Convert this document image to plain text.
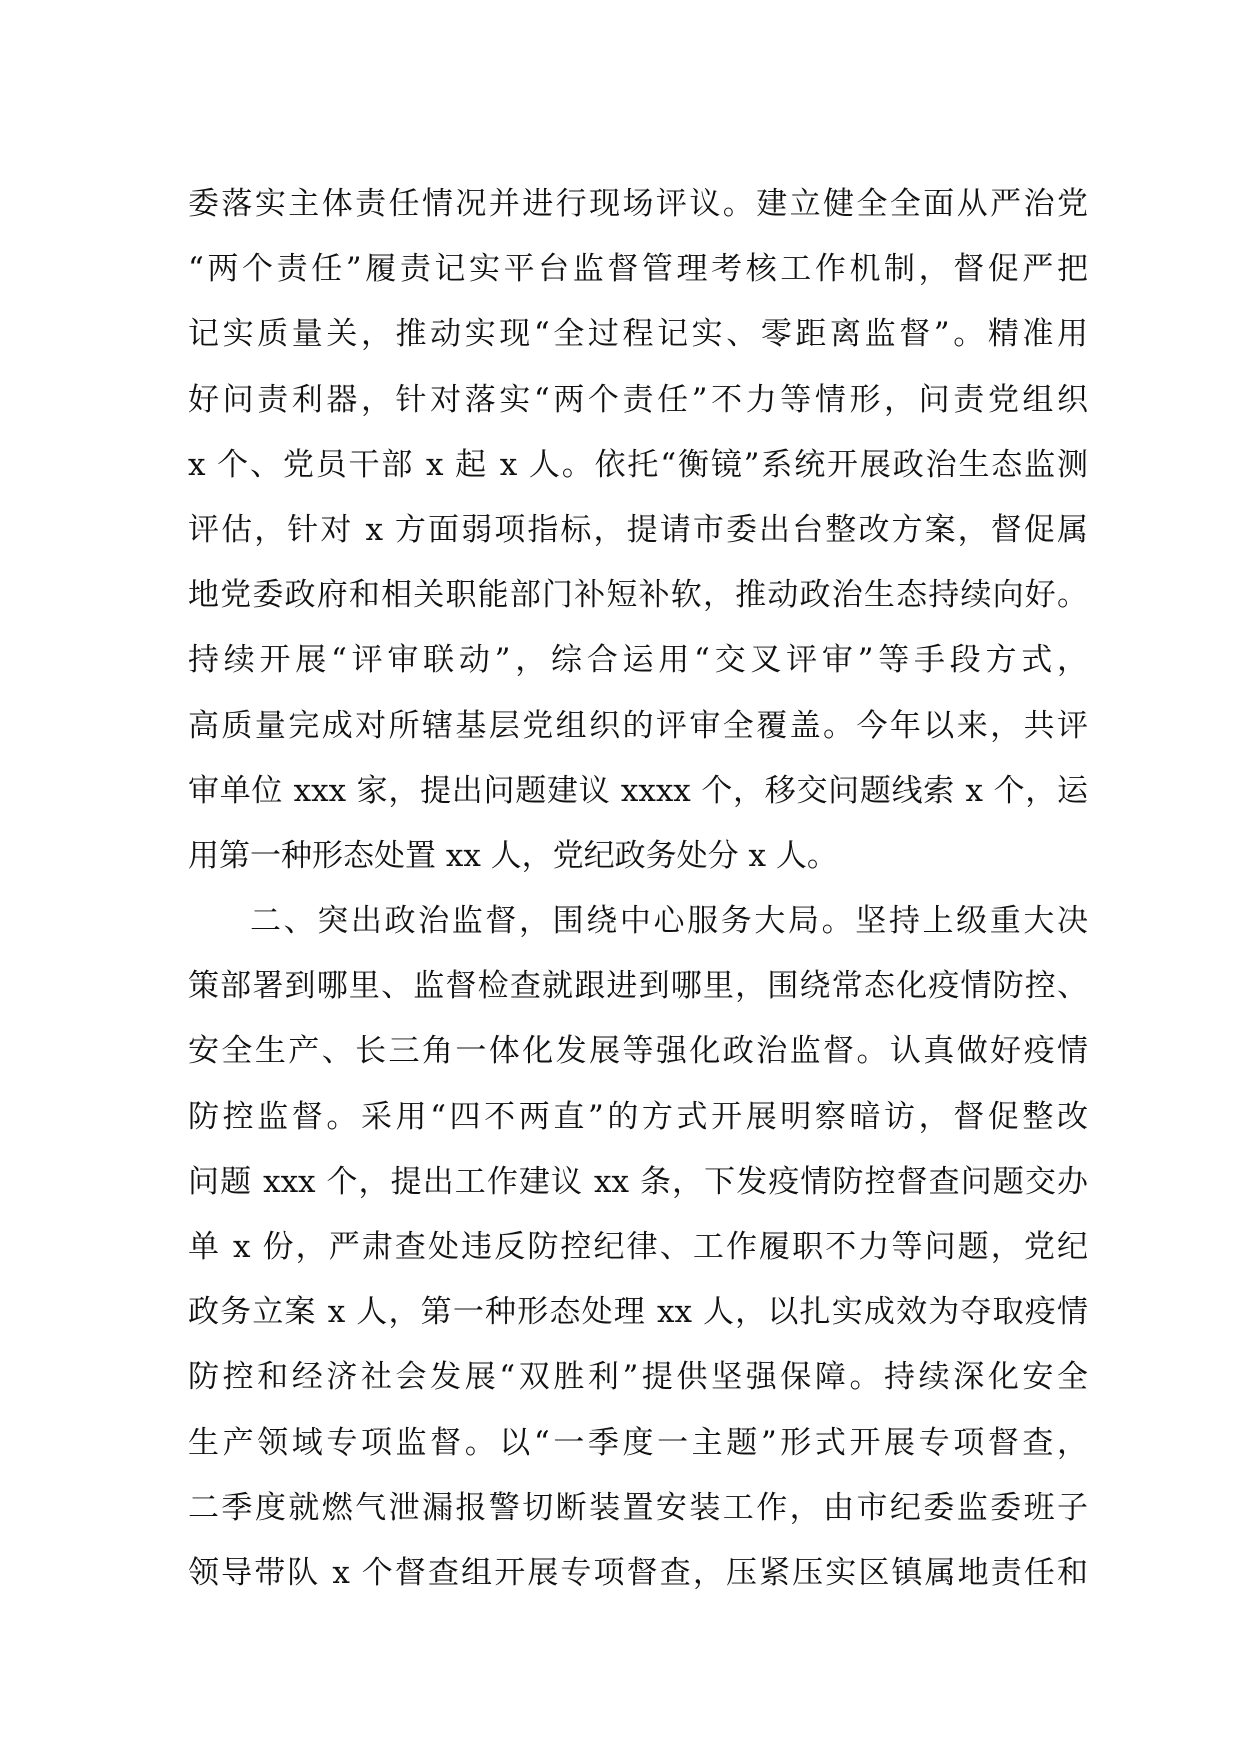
委落实主体责任情况并进行现场评议。建立健全全面从严治党
“两个责任”履责记实平台监督管理考核工作机制，督促严把
记实质量关，推动实现“全过程记实、零距离监督”。精准用
好问责利器，针对落实“两个责任”不力等情形，问责党组织
x 个、党员干部 x 起 x 人。依托“衡镜”系统开展政治生态监测
评估，针对 x 方面弱项指标，提请市委出台整改方案，督促属
地党委政府和相关职能部门补短补软，推动政治生态持续向好。
持续开展“评审联动”，综合运用“交叉评审”等手段方式，
高质量完成对所辖基层党组织的评审全覆盖。今年以来，共评
审单位 xxx 家，提出问题建议 xxxx 个，移交问题线索 x 个，运
用第一种形态处置 xx 人，党纪政务处分 x 人。
二、突出政治监督，围绕中心服务大局。坚持上级重大决
策部署到哪里、监督检查就跟进到哪里，围绕常态化疫情防控、
安全生产、长三角一体化发展等强化政治监督。认真做好疫情
防控监督。采用“四不两直”的方式开展明察暗访，督促整改
问题 xxx 个，提出工作建议 xx 条，下发疫情防控督查问题交办
单 x 份，严肃查处违反防控纪律、工作履职不力等问题，党纪
政务立案 x 人，第一种形态处理 xx 人，以扎实成效为夺取疫情
防控和经济社会发展“双胜利”提供坚强保障。持续深化安全
生产领域专项监督。以“一季度一主题”形式开展专项督查，
二季度就燃气泄漏报警切断装置安装工作，由市纪委监委班子
领导带队 x 个督查组开展专项督查，压紧压实区镇属地责任和
